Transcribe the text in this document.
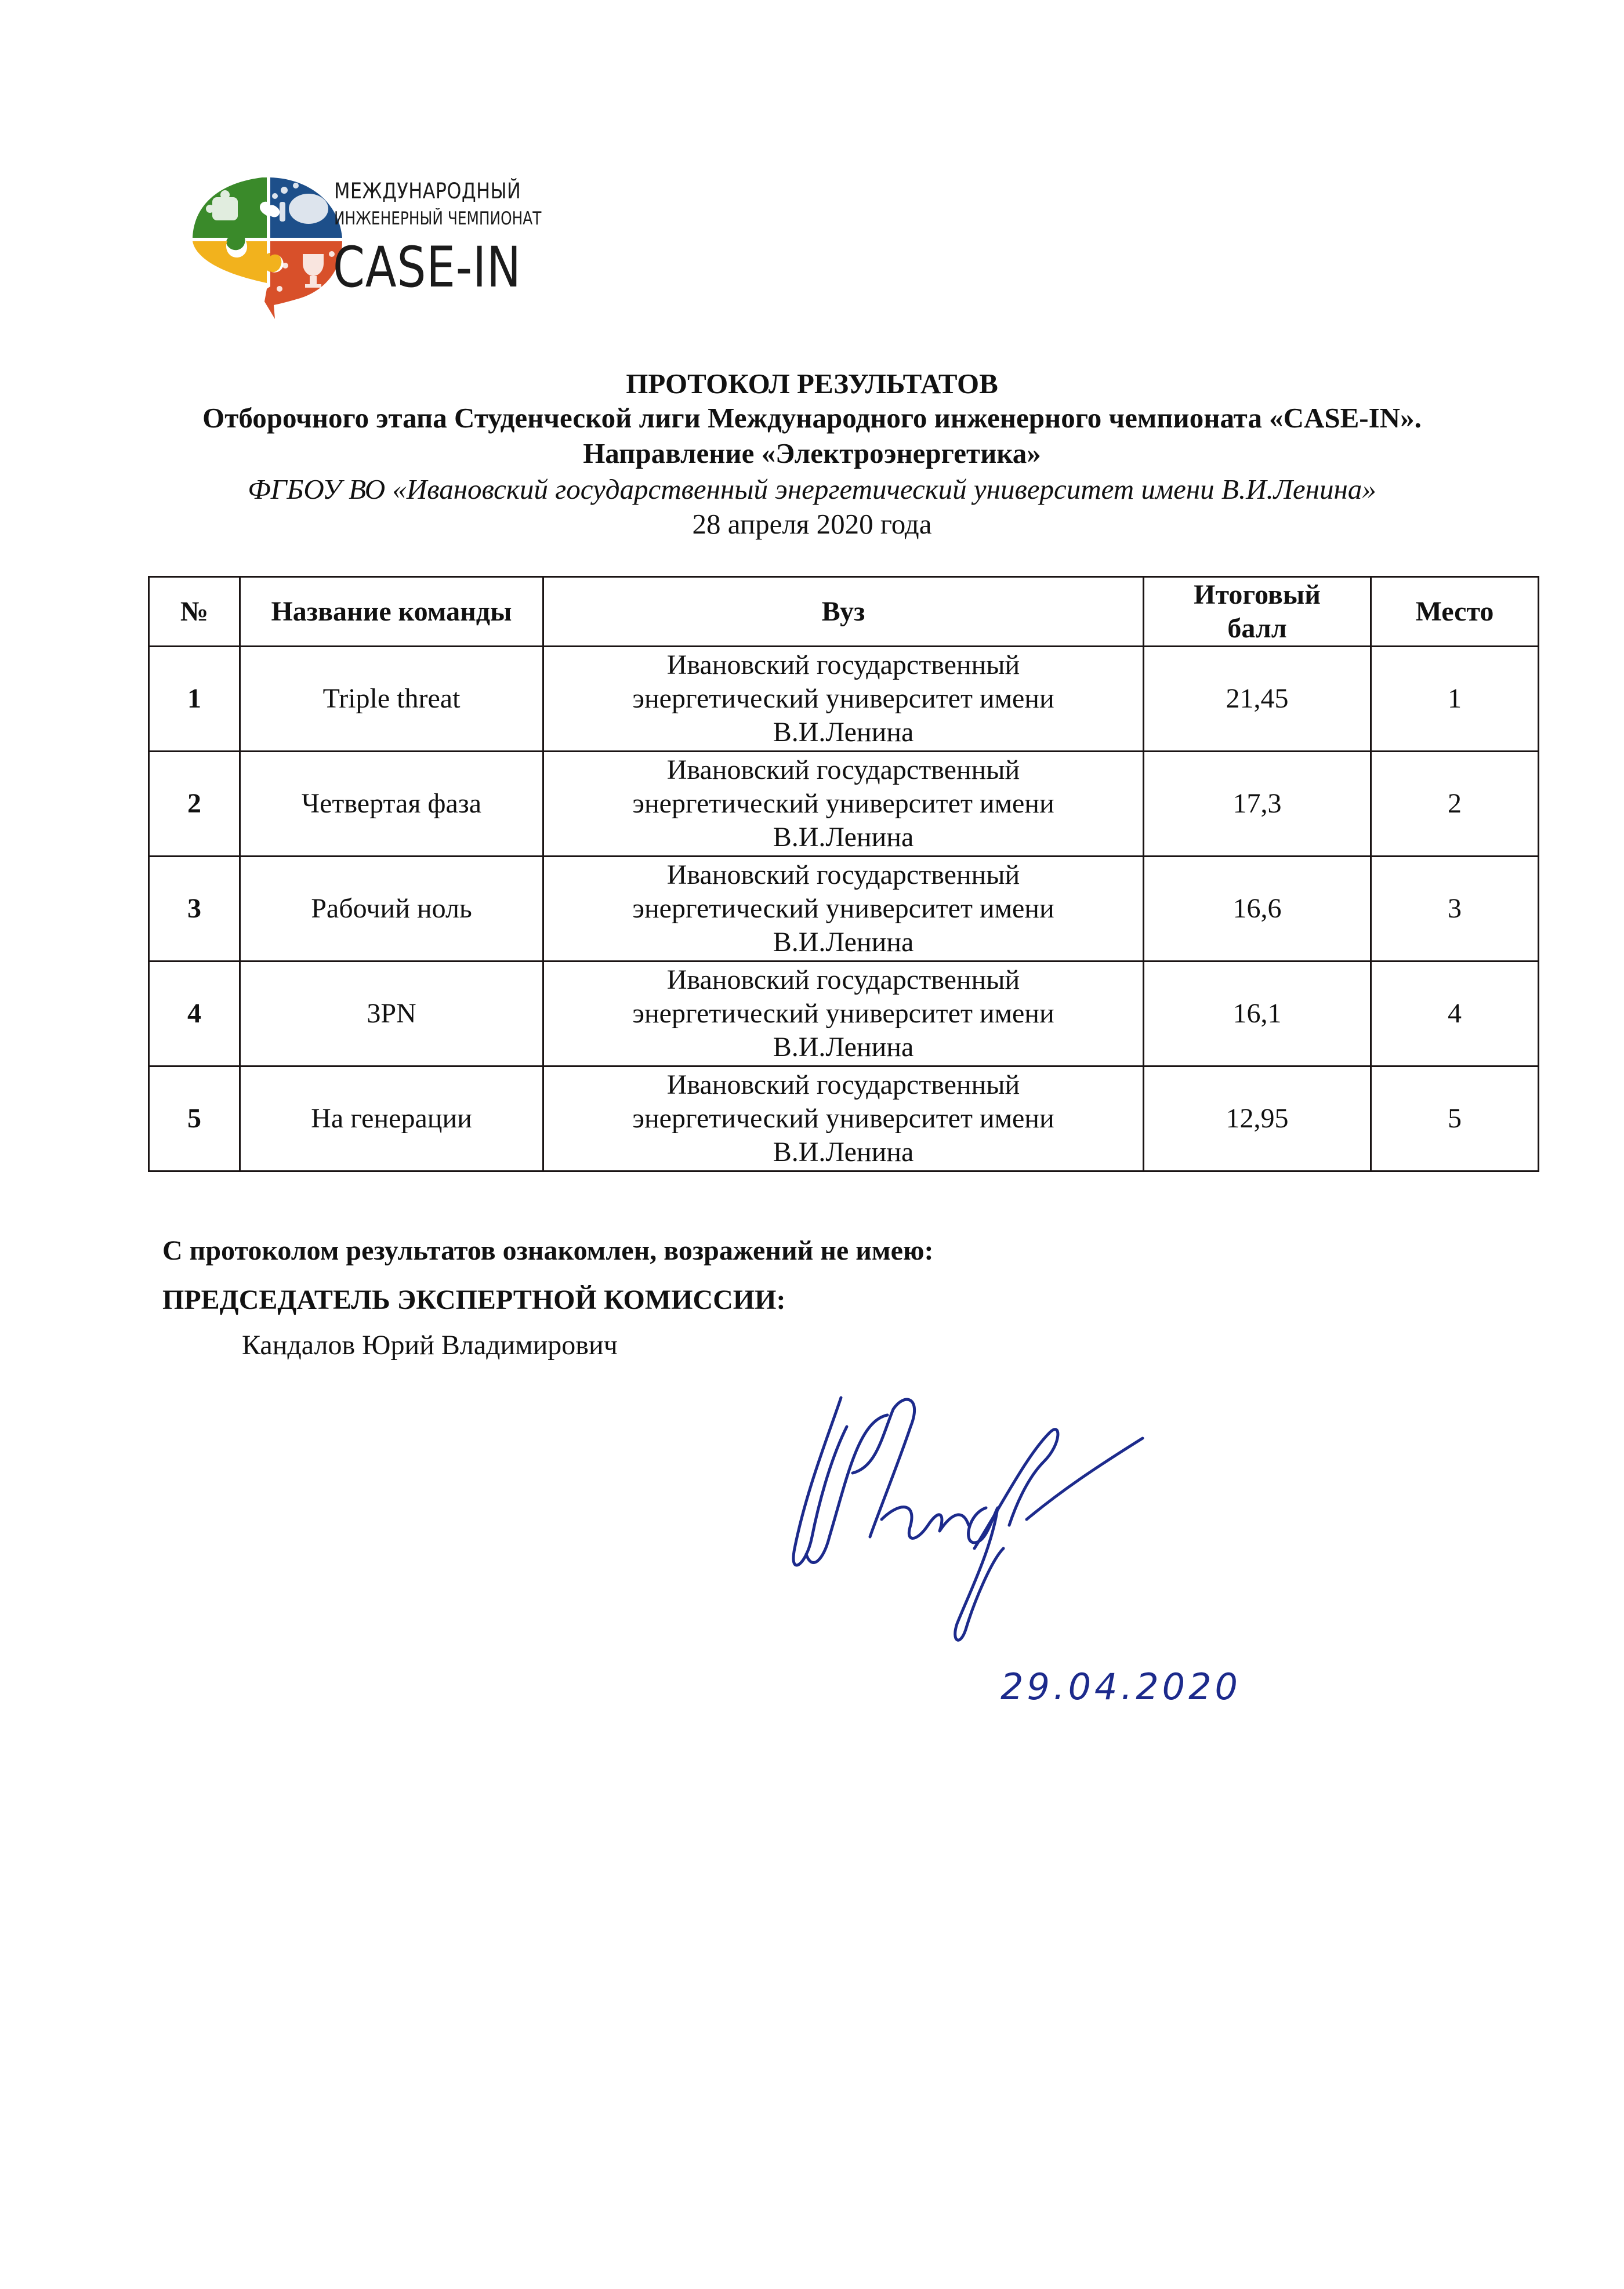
МЕЖДУНАРОДНЫЙ
ИНЖЕНЕРНЫЙ ЧЕМПИОНАТ
CASE-IN
ПРОТОКОЛ РЕЗУЛЬТАТОВ
Отборочного этапа Студенческой лиги Международного инженерного чемпионата «CASE-IN».
Направление «Электроэнергетика»
ФГБОУ ВО «Ивановский государственный энергетический университет имени В.И.Ленина»
28 апреля 2020 года
№	Название команды	Вуз	Итоговый балл	Место
1	Triple threat	Ивановский государственный энергетический университет имени В.И.Ленина	21,45	1
2	Четвертая фаза	Ивановский государственный энергетический университет имени В.И.Ленина	17,3	2
3	Рабочий ноль	Ивановский государственный энергетический университет имени В.И.Ленина	16,6	3
4	3PN	Ивановский государственный энергетический университет имени В.И.Ленина	16,1	4
5	На генерации	Ивановский государственный энергетический университет имени В.И.Ленина	12,95	5
С протоколом результатов ознакомлен, возражений не имею:
ПРЕДСЕДАТЕЛЬ ЭКСПЕРТНОЙ КОМИССИИ:
Кандалов Юрий Владимирович
29.04.2020
